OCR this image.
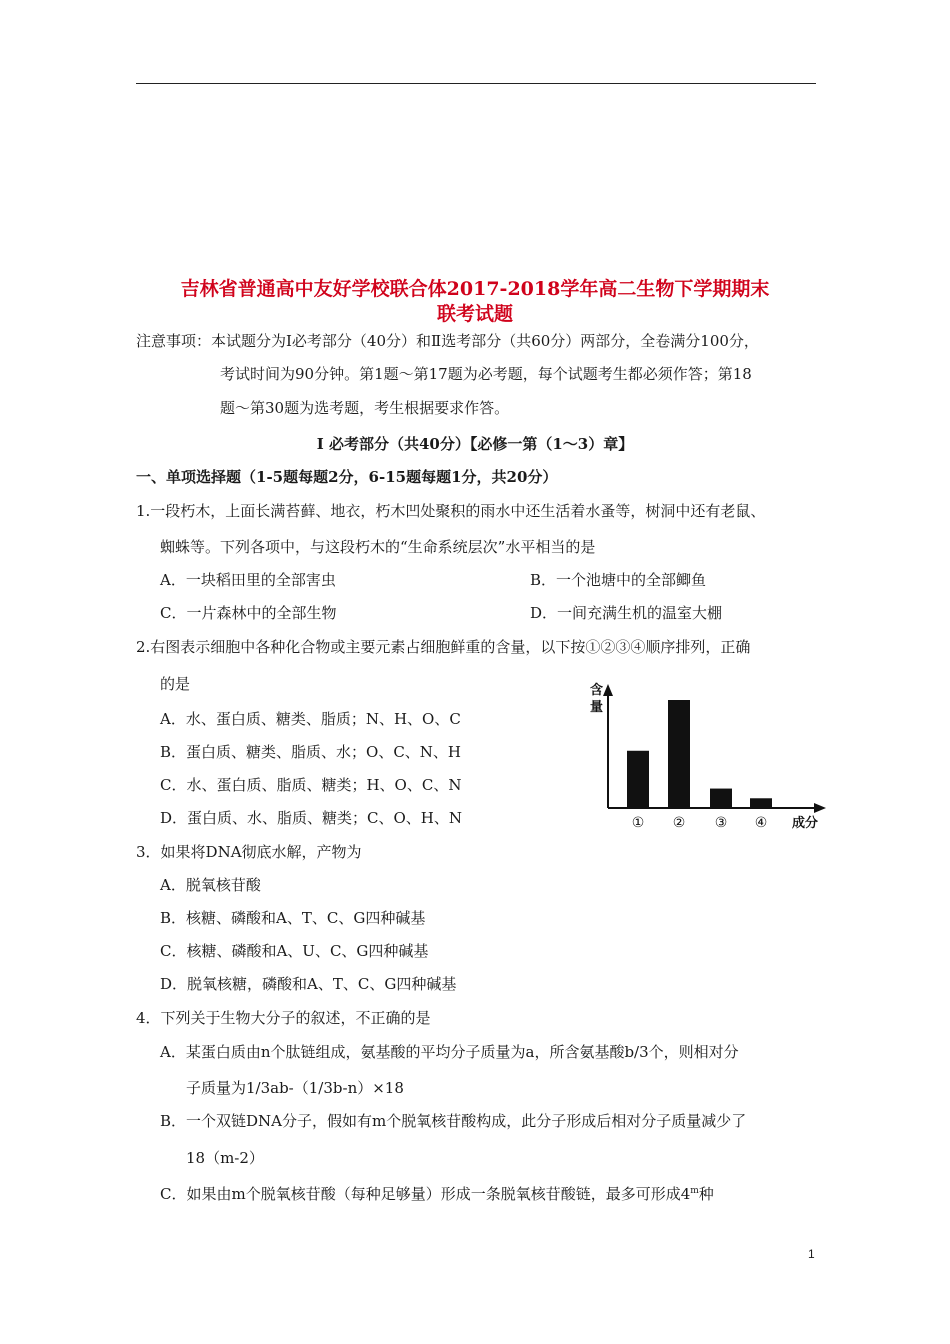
吉林省普通高中友好学校联合体2017-2018学年高二生物下学期期末
联考试题
注意事项：本试题分为Ⅰ必考部分（40分）和Ⅱ选考部分（共60分）两部分，全卷满分100分，
考试时间为90分钟。第1题～第17题为必考题，每个试题考生都必须作答；第18
题～第30题为选考题，考生根据要求作答。
Ⅰ 必考部分（共40分）【必修一第（1～3）章】
一、单项选择题（1-5题每题2分，6-15题每题1分，共20分）
1.一段朽木，上面长满苔藓、地衣，朽木凹处聚积的雨水中还生活着水蚤等，树洞中还有老鼠、
蜘蛛等。下列各项中，与这段朽木的“生命系统层次”水平相当的是
A．一块稻田里的全部害虫	B．一个池塘中的全部鲫鱼
C．一片森林中的全部生物	D．一间充满生机的温室大棚
2.右图表示细胞中各种化合物或主要元素占细胞鲜重的含量，以下按①②③④顺序排列，正确
的是
A．水、蛋白质、糖类、脂质；N、H、O、C
B．蛋白质、糖类、脂质、水；O、C、N、H
C．水、蛋白质、脂质、糖类；H、O、C、N
D．蛋白质、水、脂质、糖类；C、O、H、N
含
量
① ② ③ ④ 成分
3．如果将DNA彻底水解，产物为
A．脱氧核苷酸
B．核糖、磷酸和A、T、C、G四种碱基
C．核糖、磷酸和A、U、C、G四种碱基
D．脱氧核糖，磷酸和A、T、C、G四种碱基
4．下列关于生物大分子的叙述，不正确的是
A．某蛋白质由n个肽链组成，氨基酸的平均分子质量为a，所含氨基酸b/3个，则相对分
子质量为1/3ab-（1/3b-n）×18
B．一个双链DNA分子，假如有m个脱氧核苷酸构成，此分子形成后相对分子质量减少了
18（m-2）
C．如果由m个脱氧核苷酸（每种足够量）形成一条脱氧核苷酸链，最多可形成4$^m$种
1
